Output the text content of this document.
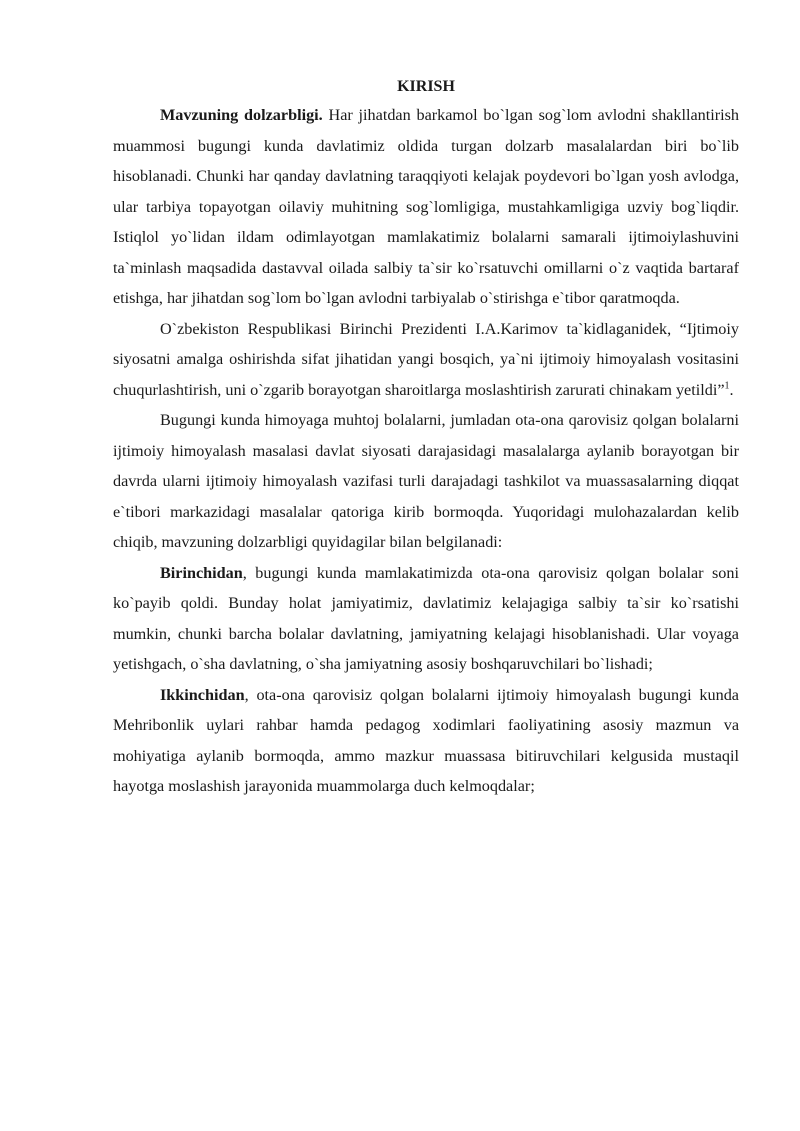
KIRISH

Mavzuning dolzarbligi. Har jihatdan barkamol bo`lgan sog`lom avlodni shakllantirish muammosi bugungi kunda davlatimiz oldida turgan dolzarb masalalardan biri bo`lib hisoblanadi. Chunki har qanday davlatning taraqqiyoti kelajak poydevori bo`lgan yosh avlodga, ular tarbiya topayotgan oilaviy muhitning sog`lomligiga, mustahkamligiga uzviy bog`liqdir. Istiqlol yo`lidan ildam odimlayotgan mamlakatimiz bolalarni samarali ijtimoiylashuvini ta`minlash maqsadida dastavval oilada salbiy ta`sir ko`rsatuvchi omillarni o`z vaqtida bartaraf etishga, har jihatdan sog`lom bo`lgan avlodni tarbiyalab o`stirishga e`tibor qaratmoqda.

O`zbekiston Respublikasi Birinchi Prezidenti I.A.Karimov ta`kidlaganidek, “Ijtimoiy siyosatni amalga oshirishda sifat jihatidan yangi bosqich, ya`ni ijtimoiy himoyalash vositasini chuqurlashtirish, uni o`zgarib borayotgan sharoitlarga moslashtirish zarurati chinakam yetildi”$^1$.

Bugungi kunda himoyaga muhtoj bolalarni, jumladan ota-ona qarovisiz qolgan bolalarni ijtimoiy himoyalash masalasi davlat siyosati darajasidagi masalalarga aylanib borayotgan bir davrda ularni ijtimoiy himoyalash vazifasi turli darajadagi tashkilot va muassasalarning diqqat e`tibori markazidagi masalalar qatoriga kirib bormoqda. Yuqoridagi mulohazalardan kelib chiqib, mavzuning dolzarbligi quyidagilar bilan belgilanadi:

Birinchidan, bugungi kunda mamlakatimizda ota-ona qarovisiz qolgan bolalar soni ko`payib qoldi. Bunday holat jamiyatimiz, davlatimiz kelajagiga salbiy ta`sir ko`rsatishi mumkin, chunki barcha bolalar davlatning, jamiyatning kelajagi hisoblanishadi. Ular voyaga yetishgach, o`sha davlatning, o`sha jamiyatning asosiy boshqaruvchilari bo`lishadi;

Ikkinchidan, ota-ona qarovisiz qolgan bolalarni ijtimoiy himoyalash bugungi kunda Mehribonlik uylari rahbar hamda pedagog xodimlari faoliyatining asosiy mazmun va mohiyatiga aylanib bormoqda, ammo mazkur muassasa bitiruvchilari kelgusida mustaqil hayotga moslashish jarayonida muammolarga duch kelmoqdalar;
